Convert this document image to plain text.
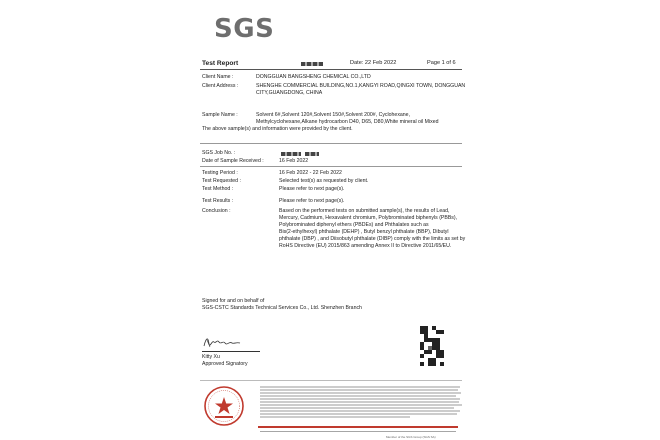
SGS
Test Report	Date: 22 Feb 2022	Page 1 of 6
Client Name :	DONGGUAN BANGSHENG CHEMICAL CO.,LTD
Client Address :	SHENGHE COMMERCIAL BUILDING,NO.1,KANGYI ROAD,QINGXI TOWN, DONGGUAN
CITY,GUANGDONG, CHINA
Sample Name :	Solvent 6#,Solvent 120#,Solvent 150#,Solvent 200#, Cyclohexane,
Methylcyclohexane,Alkane hydrocarbon D40, D65, D80,White mineral oil Mixed
The above sample(s) and information were provided by the client.
SGS Job No. :
Date of Sample Received :	16 Feb 2022
Testing Period :	16 Feb 2022 - 22 Feb 2022
Test Requested :	Selected test(s) as requested by client.
Test Method :	Please refer to next page(s).
Test Results :	Please refer to next page(s).
Conclusion :	Based on the performed tests on submitted sample(s), the results of Lead,
Mercury, Cadmium, Hexavalent chromium, Polybrominated biphenyls (PBBs),
Polybrominated diphenyl ethers (PBDEs) and Phthalates such as
Bis(2-ethylhexyl) phthalate (DEHP) , Butyl benzyl phthalate (BBP), Dibutyl
phthalate (DBP) , and Diisobutyl phthalate (DIBP) comply with the limits as set by
RoHS Directive (EU) 2015/863 amending Annex II to Directive 2011/65/EU.
Signed for and on behalf of
SGS-CSTC Standards Technical Services Co., Ltd. Shenzhen Branch
Kitty Xu
Approved Signatory
Member of the SGS Group (SGS SA)
